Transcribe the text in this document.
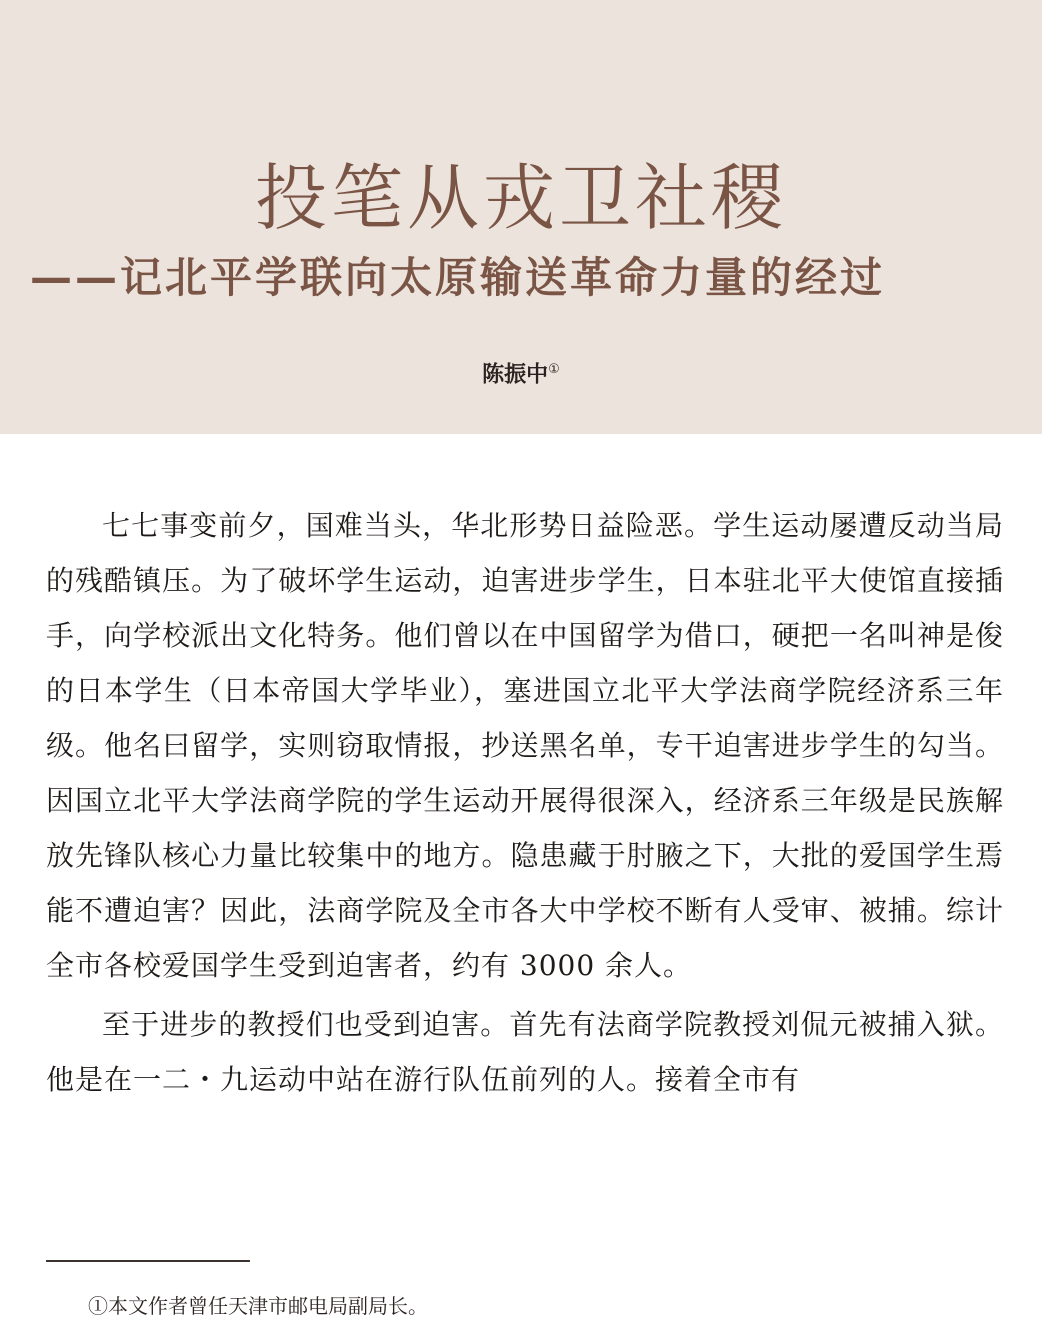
投笔从戎卫社稷
——记北平学联向太原输送革命力量的经过
陈振中①

七七事变前夕，国难当头，华北形势日益险恶。学生运动屡遭反动当局的残酷镇压。为了破坏学生运动，迫害进步学生，日本驻北平大使馆直接插手，向学校派出文化特务。他们曾以在中国留学为借口，硬把一名叫神是俊的日本学生（日本帝国大学毕业），塞进国立北平大学法商学院经济系三年级。他名曰留学，实则窃取情报，抄送黑名单，专干迫害进步学生的勾当。因国立北平大学法商学院的学生运动开展得很深入，经济系三年级是民族解放先锋队核心力量比较集中的地方。隐患藏于肘腋之下，大批的爱国学生焉能不遭迫害？因此，法商学院及全市各大中学校不断有人受审、被捕。综计全市各校爱国学生受到迫害者，约有 3000 余人。

至于进步的教授们也受到迫害。首先有法商学院教授刘侃元被捕入狱。他是在一二・九运动中站在游行队伍前列的人。接着全市有

①本文作者曾任天津市邮电局副局长。
